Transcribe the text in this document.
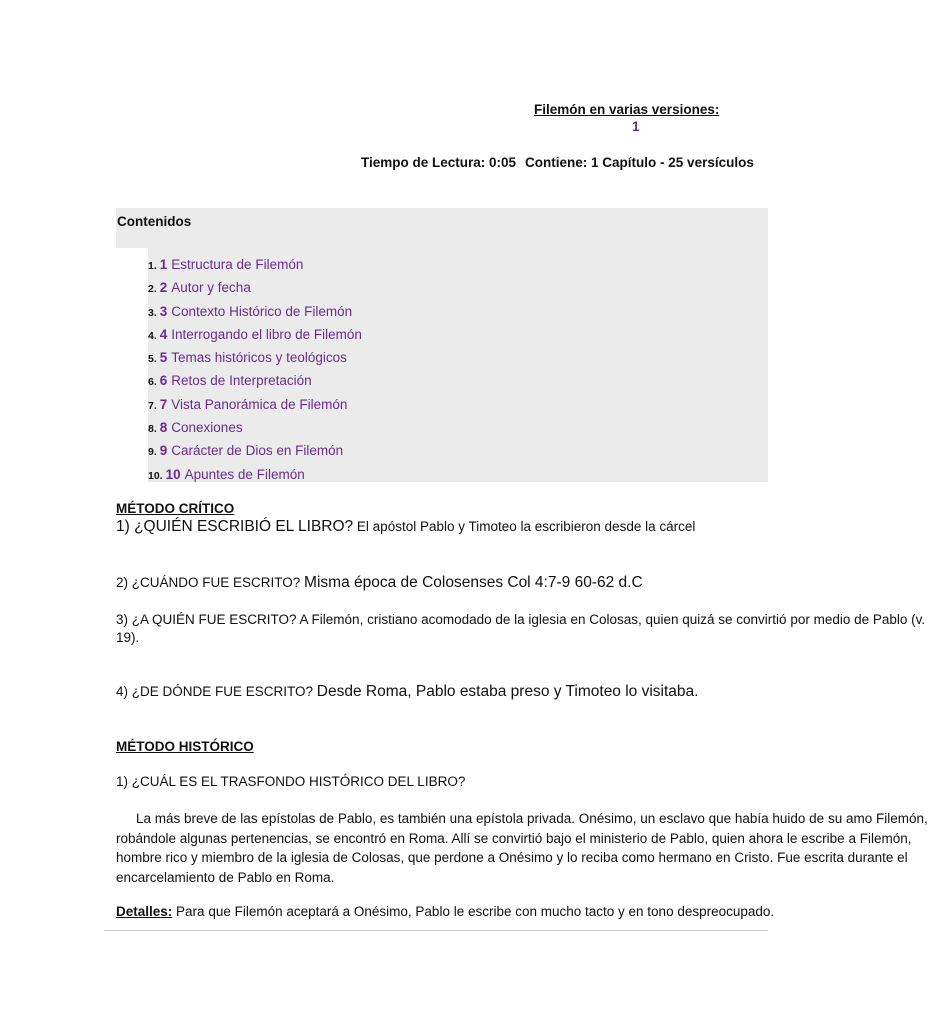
Filemón en varias versiones:
1
Tiempo de Lectura: 0:05 Contiene: 1 Capítulo - 25 versículos
Contenidos
1. 1 Estructura de Filemón
2. 2 Autor y fecha
3. 3 Contexto Histórico de Filemón
4. 4 Interrogando el libro de Filemón
5. 5 Temas históricos y teológicos
6. 6 Retos de Interpretación
7. 7 Vista Panorámica de Filemón
8. 8 Conexiones
9. 9 Carácter de Dios en Filemón
10. 10 Apuntes de Filemón
MÉTODO CRÍTICO
1) ¿QUIÉN ESCRIBIÓ EL LIBRO? El apóstol Pablo y Timoteo la escribieron desde la cárcel
2) ¿CUÁNDO FUE ESCRITO? Misma época de Colosenses Col 4:7-9 60-62 d.C
3) ¿A QUIÉN FUE ESCRITO? A Filemón, cristiano acomodado de la iglesia en Colosas, quien quizá se convirtió por medio de Pablo (v.
19).
4) ¿DE DÓNDE FUE ESCRITO? Desde Roma, Pablo estaba preso y Timoteo lo visitaba.
MÉTODO HISTÓRICO
1) ¿CUÁL ES EL TRASFONDO HISTÓRICO DEL LIBRO?
La más breve de las epístolas de Pablo, es también una epístola privada. Onésimo, un esclavo que había huido de su amo Filemón,
robándole algunas pertenencias, se encontró en Roma. Allí se convirtió bajo el ministerio de Pablo, quien ahora le escribe a Filemón,
hombre rico y miembro de la iglesia de Colosas, que perdone a Onésimo y lo reciba como hermano en Cristo. Fue escrita durante el
encarcelamiento de Pablo en Roma.
Detalles: Para que Filemón aceptará a Onésimo, Pablo le escribe con mucho tacto y en tono despreocupado.
